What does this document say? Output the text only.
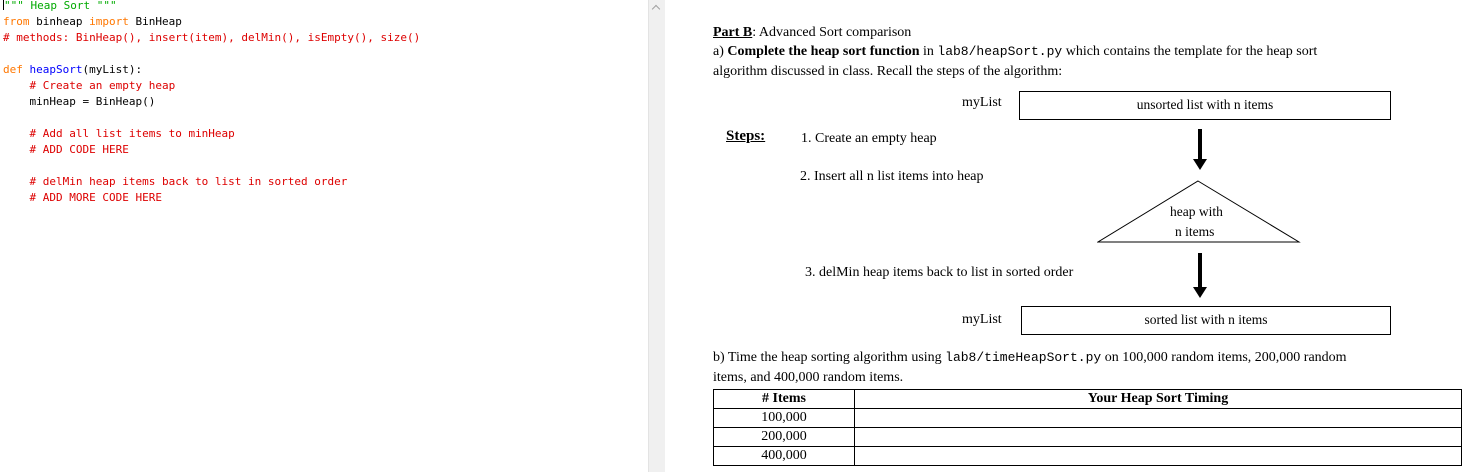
""" Heap Sort """
from binheap import BinHeap
# methods: BinHeap(), insert(item), delMin(), isEmpty(), size()

def heapSort(myList):
# Create an empty heap
minHeap = BinHeap()

# Add all list items to minHeap
# ADD CODE HERE

# delMin heap items back to list in sorted order
# ADD MORE CODE HERE
Part B: Advanced Sort comparison
a) Complete the heap sort function in lab8/heapSort.py which contains the template for the heap sort
algorithm discussed in class. Recall the steps of the algorithm:
myList	unsorted list with n items
Steps:	1. Create an empty heap
2. Insert all n list items into heap
heap with
n items
3. delMin heap items back to list in sorted order
myList	sorted list with n items
b) Time the heap sorting algorithm using lab8/timeHeapSort.py on 100,000 random items, 200,000 random
items, and 400,000 random items.
# Items	Your Heap Sort Timing
100,000	
200,000	
400,000	
